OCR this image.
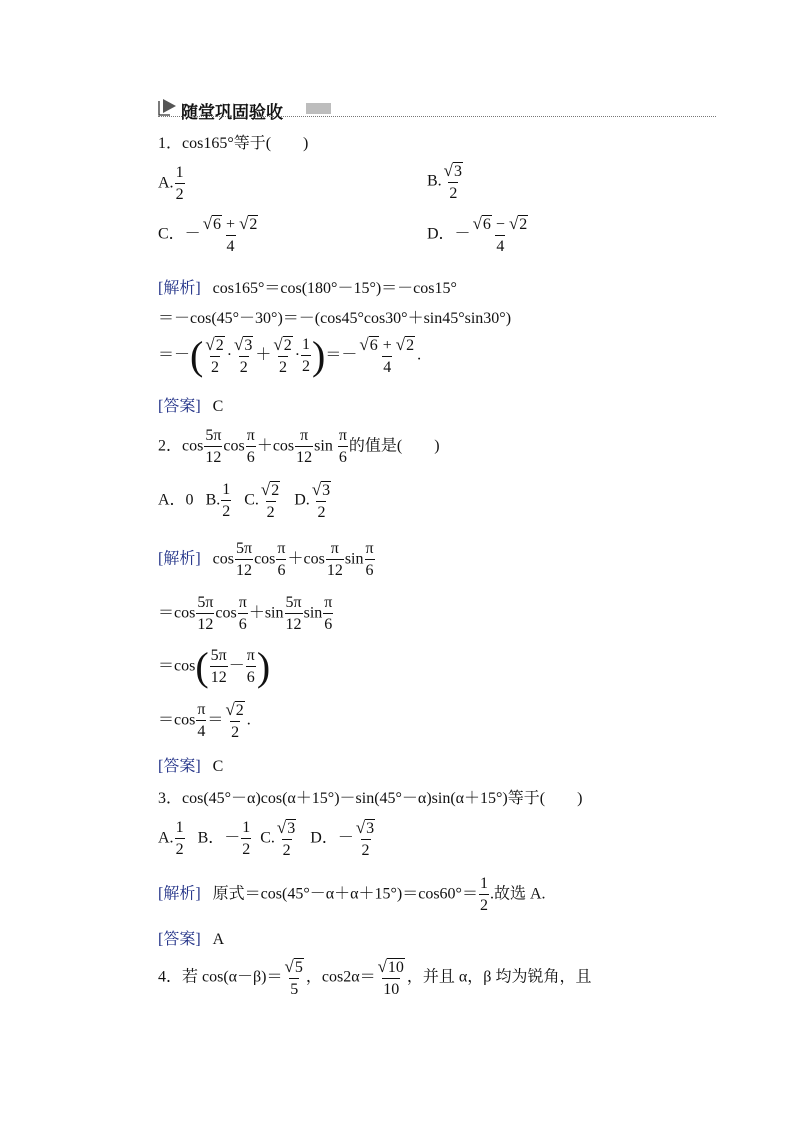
随堂巩固验收
1．cos165°等于(　　)
A. $\frac{1}{2}$	B. $\frac{√3}{2}$
C．－ $\frac{√6 + √2}{4}$	D．－ $\frac{√6 - √2}{4}$
[解析] cos165°＝cos(180°－15°)＝－cos15°
＝－cos(45°－30°)＝－(cos45°cos30°＋sin45°sin30°)
＝－( $\frac{√2}{2} \cdot \frac{√3}{2} + \frac{√2}{2} \cdot \frac{1}{2}$ )＝－ $\frac{√6 + √2}{4}$ .
[答案] C
2．$\cos \frac{5\pi}{12}$ $\cos \frac{\pi}{6} +\cos \frac{\pi}{12}$ $\sin \frac{\pi}{6}$ 的值是(　　)
A．0 B. $\frac{1}{2} C$. $\frac{√2}{2} D$. $\frac{√3}{2}$
[解析] $\cos \frac{5\pi}{12}$ $\cos \frac{\pi}{6} +\cos \frac{\pi}{12}$ $\sin \frac{\pi}{6}$
$=\cos \frac{5\pi}{12}$ $\cos \frac{\pi}{6} +\sin \frac{5\pi}{12}$ $\sin \frac{\pi}{6}$
$=\cos( \frac{5\pi}{12} - \frac{\pi}{6}$ )
$=\cos \frac{\pi}{4} = \frac{√2}{2}$ .
[答案] C
3．cos(45°－α)cos(α＋15°)－sin(45°－α)sin(α＋15°)等于(　　)
A. $\frac{1}{2}$ B．－ $\frac{1}{2} C$. $\frac{√3}{2}$ D．－ $\frac{√3}{2}$
[解析] 原式$=\cos(45^\circ-\alpha+\alpha+15^\circ)=\cos 60^\circ= \frac{1}{2}$ .故选 A.
[答案] A
4．若 $\cos(\alpha-\beta)= \frac{√5}{5}$ ，$\cos 2\alpha= \frac{√10}{10}$ ，并且 α，β 均为锐角，且
